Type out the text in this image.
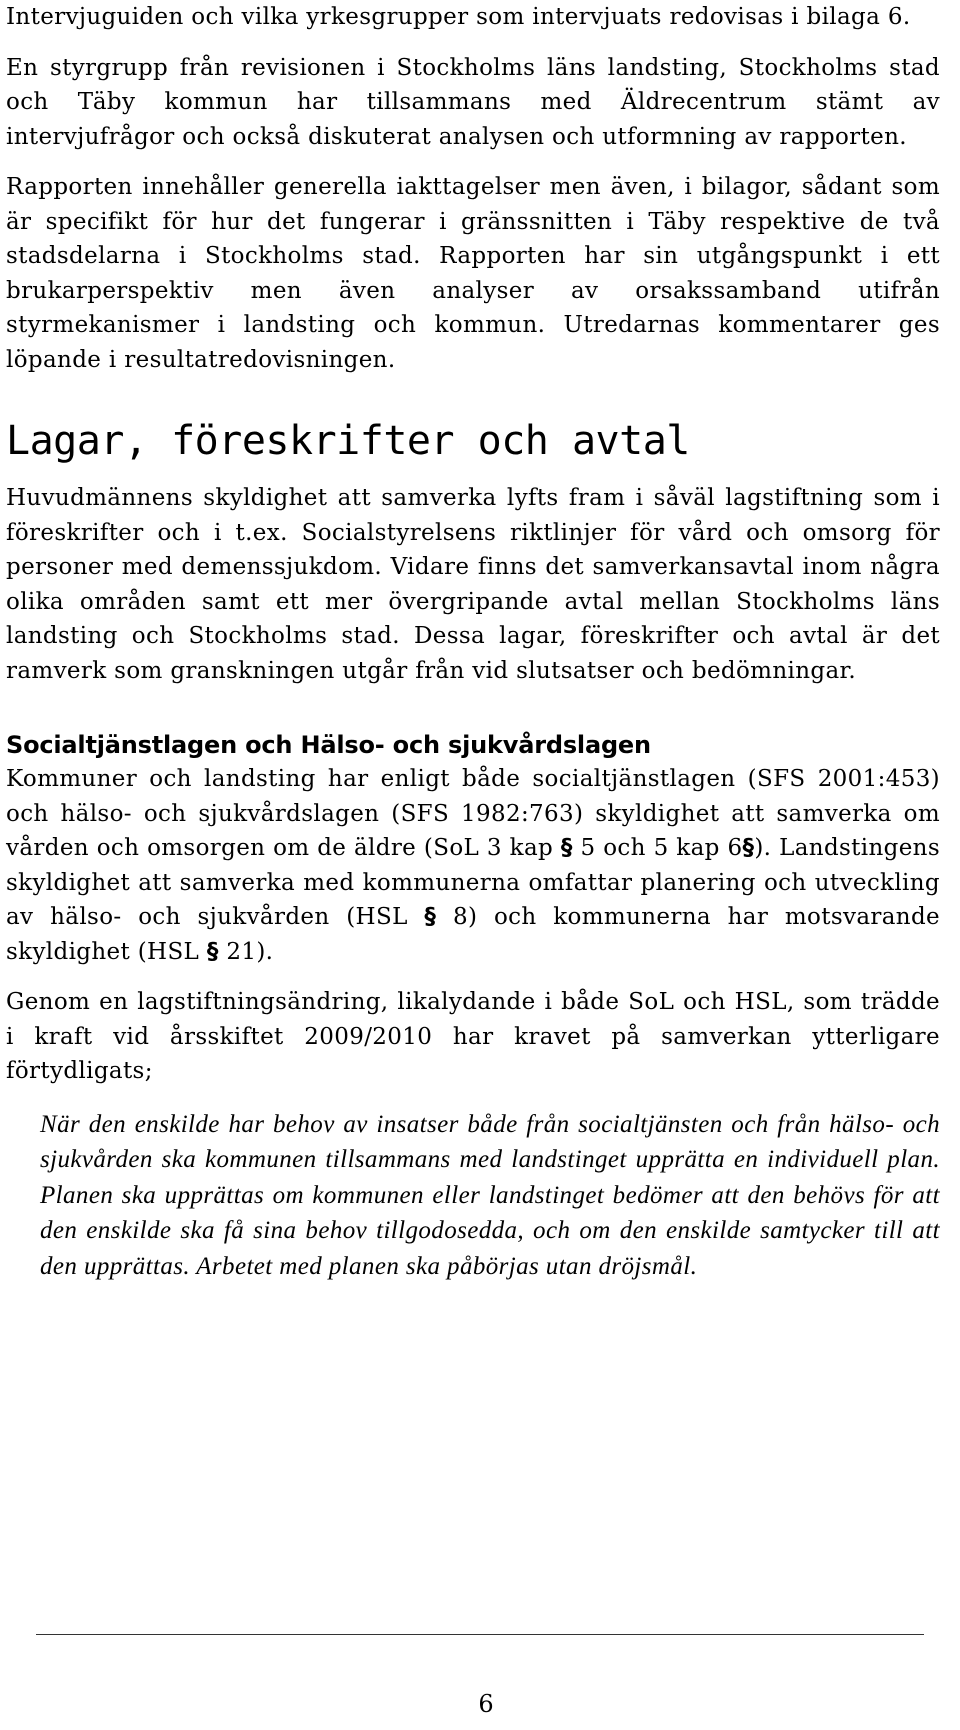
Intervjuguiden och vilka yrkesgrupper som intervjuats redovisas i bilaga 6.

En styrgrupp från revisionen i Stockholms läns landsting, Stockholms stad och Täby kommun har tillsammans med Äldrecentrum stämt av intervjufrågor och också diskuterat analysen och utformning av rapporten.

Rapporten innehåller generella iakttagelser men även, i bilagor, sådant som är specifikt för hur det fungerar i gränssnitten i Täby respektive de två stadsdelarna i Stockholms stad. Rapporten har sin utgångspunkt i ett brukarperspektiv men även analyser av orsakssamband utifrån styrmekanismer i landsting och kommun. Utredarnas kommentarer ges löpande i resultatredovisningen.

Lagar, föreskrifter och avtal

Huvudmännens skyldighet att samverka lyfts fram i såväl lagstiftning som i föreskrifter och i t.ex. Socialstyrelsens riktlinjer för vård och omsorg för personer med demenssjukdom. Vidare finns det samverkansavtal inom några olika områden samt ett mer övergripande avtal mellan Stockholms läns landsting och Stockholms stad. Dessa lagar, föreskrifter och avtal är det ramverk som granskningen utgår från vid slutsatser och bedömningar.

Socialtjänstlagen och Hälso- och sjukvårdslagen

Kommuner och landsting har enligt både socialtjänstlagen (SFS 2001:453) och hälso- och sjukvårdslagen (SFS 1982:763) skyldighet att samverka om vården och omsorgen om de äldre (SoL 3 kap § 5 och 5 kap 6§). Landstingens skyldighet att samverka med kommunerna omfattar planering och utveckling av hälso- och sjukvården (HSL § 8) och kommunerna har motsvarande skyldighet (HSL § 21).

Genom en lagstiftningsändring, likalydande i både SoL och HSL, som trädde i kraft vid årsskiftet 2009/2010 har kravet på samverkan ytterligare förtydligats;

När den enskilde har behov av insatser både från socialtjänsten och från hälso- och sjukvården ska kommunen tillsammans med landstinget upprätta en individuell plan. Planen ska upprättas om kommunen eller landstinget bedömer att den behövs för att den enskilde ska få sina behov tillgodosedda, och om den enskilde samtycker till att den upprättas. Arbetet med planen ska påbörjas utan dröjsmål.
6
